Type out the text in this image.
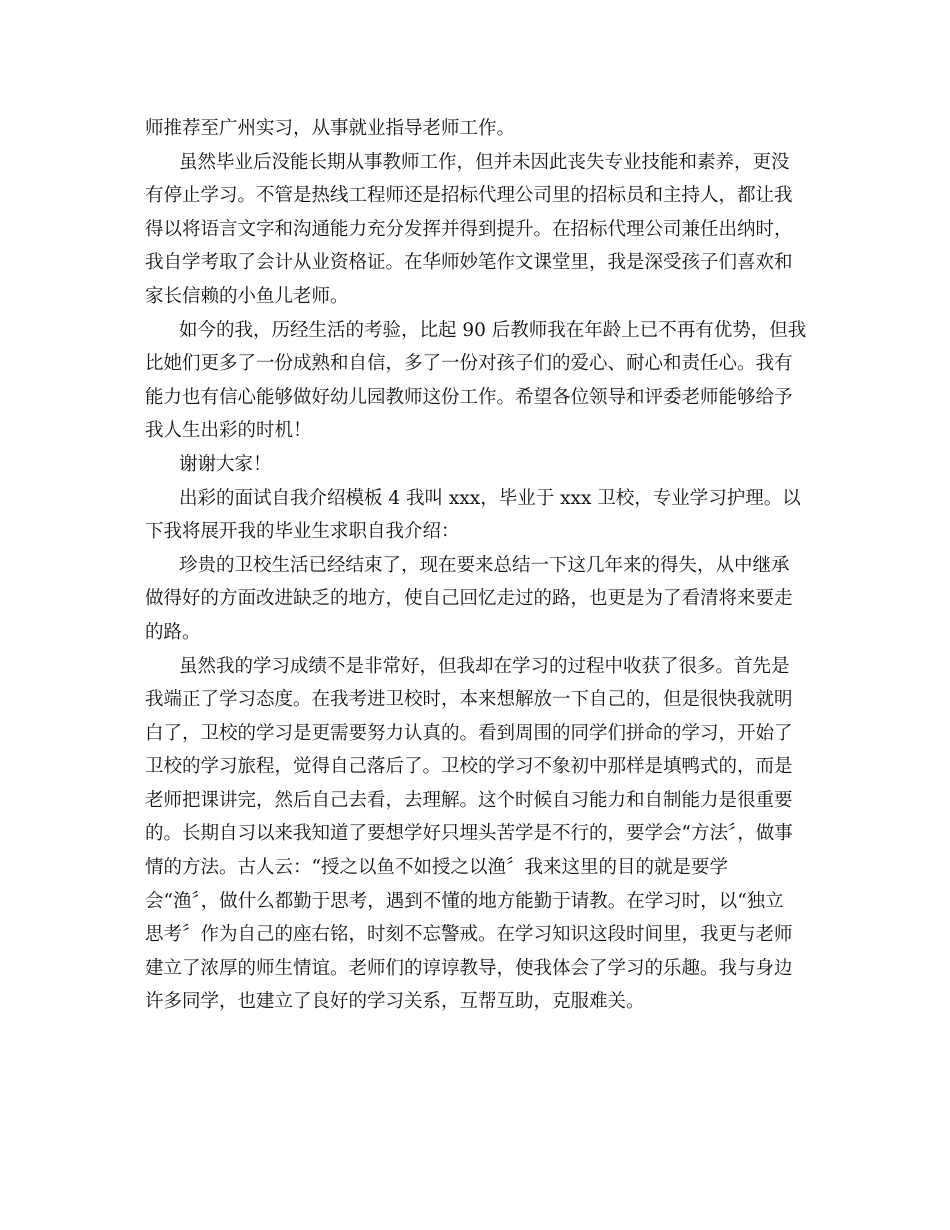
师推荐至广州实习，从事就业指导老师工作。
虽然毕业后没能长期从事教师工作，但并未因此丧失专业技能和素养，更没
有停止学习。不管是热线工程师还是招标代理公司里的招标员和主持人，都让我
得以将语言文字和沟通能力充分发挥并得到提升。在招标代理公司兼任出纳时，
我自学考取了会计从业资格证。在华师妙笔作文课堂里，我是深受孩子们喜欢和
家长信赖的小鱼儿老师。
如今的我，历经生活的考验，比起 90 后教师我在年龄上已不再有优势，但我
比她们更多了一份成熟和自信，多了一份对孩子们的爱心、耐心和责任心。我有
能力也有信心能够做好幼儿园教师这份工作。希望各位领导和评委老师能够给予
我人生出彩的时机！
谢谢大家！
出彩的面试自我介绍模板 4 我叫 xxx，毕业于 xxx 卫校，专业学习护理。以
下我将展开我的毕业生求职自我介绍：
珍贵的卫校生活已经结束了，现在要来总结一下这几年来的得失，从中继承
做得好的方面改进缺乏的地方，使自己回忆走过的路，也更是为了看清将来要走
的路。
虽然我的学习成绩不是非常好，但我却在学习的过程中收获了很多。首先是
我端正了学习态度。在我考进卫校时，本来想解放一下自己的，但是很快我就明
白了，卫校的学习是更需要努力认真的。看到周围的同学们拼命的学习，开始了
卫校的学习旅程，觉得自己落后了。卫校的学习不象初中那样是填鸭式的，而是
老师把课讲完，然后自己去看，去理解。这个时候自习能力和自制能力是很重要
的。长期自习以来我知道了要想学好只埋头苦学是不行的，要学会“方法〞，做事
情的方法。古人云：“授之以鱼不如授之以渔〞我来这里的目的就是要学
会“渔〞，做什么都勤于思考，遇到不懂的地方能勤于请教。在学习时，以“独立
思考〞作为自己的座右铭，时刻不忘警戒。在学习知识这段时间里，我更与老师
建立了浓厚的师生情谊。老师们的谆谆教导，使我体会了学习的乐趣。我与身边
许多同学，也建立了良好的学习关系，互帮互助，克服难关。
